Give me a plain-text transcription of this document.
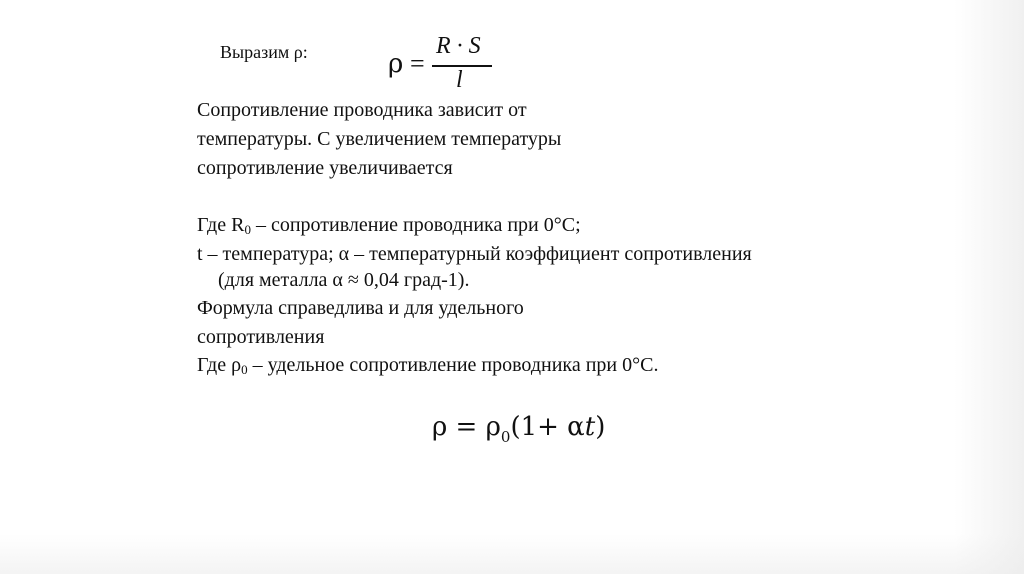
Выразим ρ:	ρ =
R · S
l
Сопротивление проводника зависит от
температуры. С увеличением температуры
сопротивление увеличивается
Где $R_0$ – сопротивление проводника при 0°C;
t – температура; α – температурный коэффициент сопротивления
(для металла α ≈ 0,04 град-1).
Формула справедлива и для удельного
сопротивления
Где $\rho_0$ – удельное сопротивление проводника при 0°C.
$\rho = \rho_0(1+ \alpha t)$
